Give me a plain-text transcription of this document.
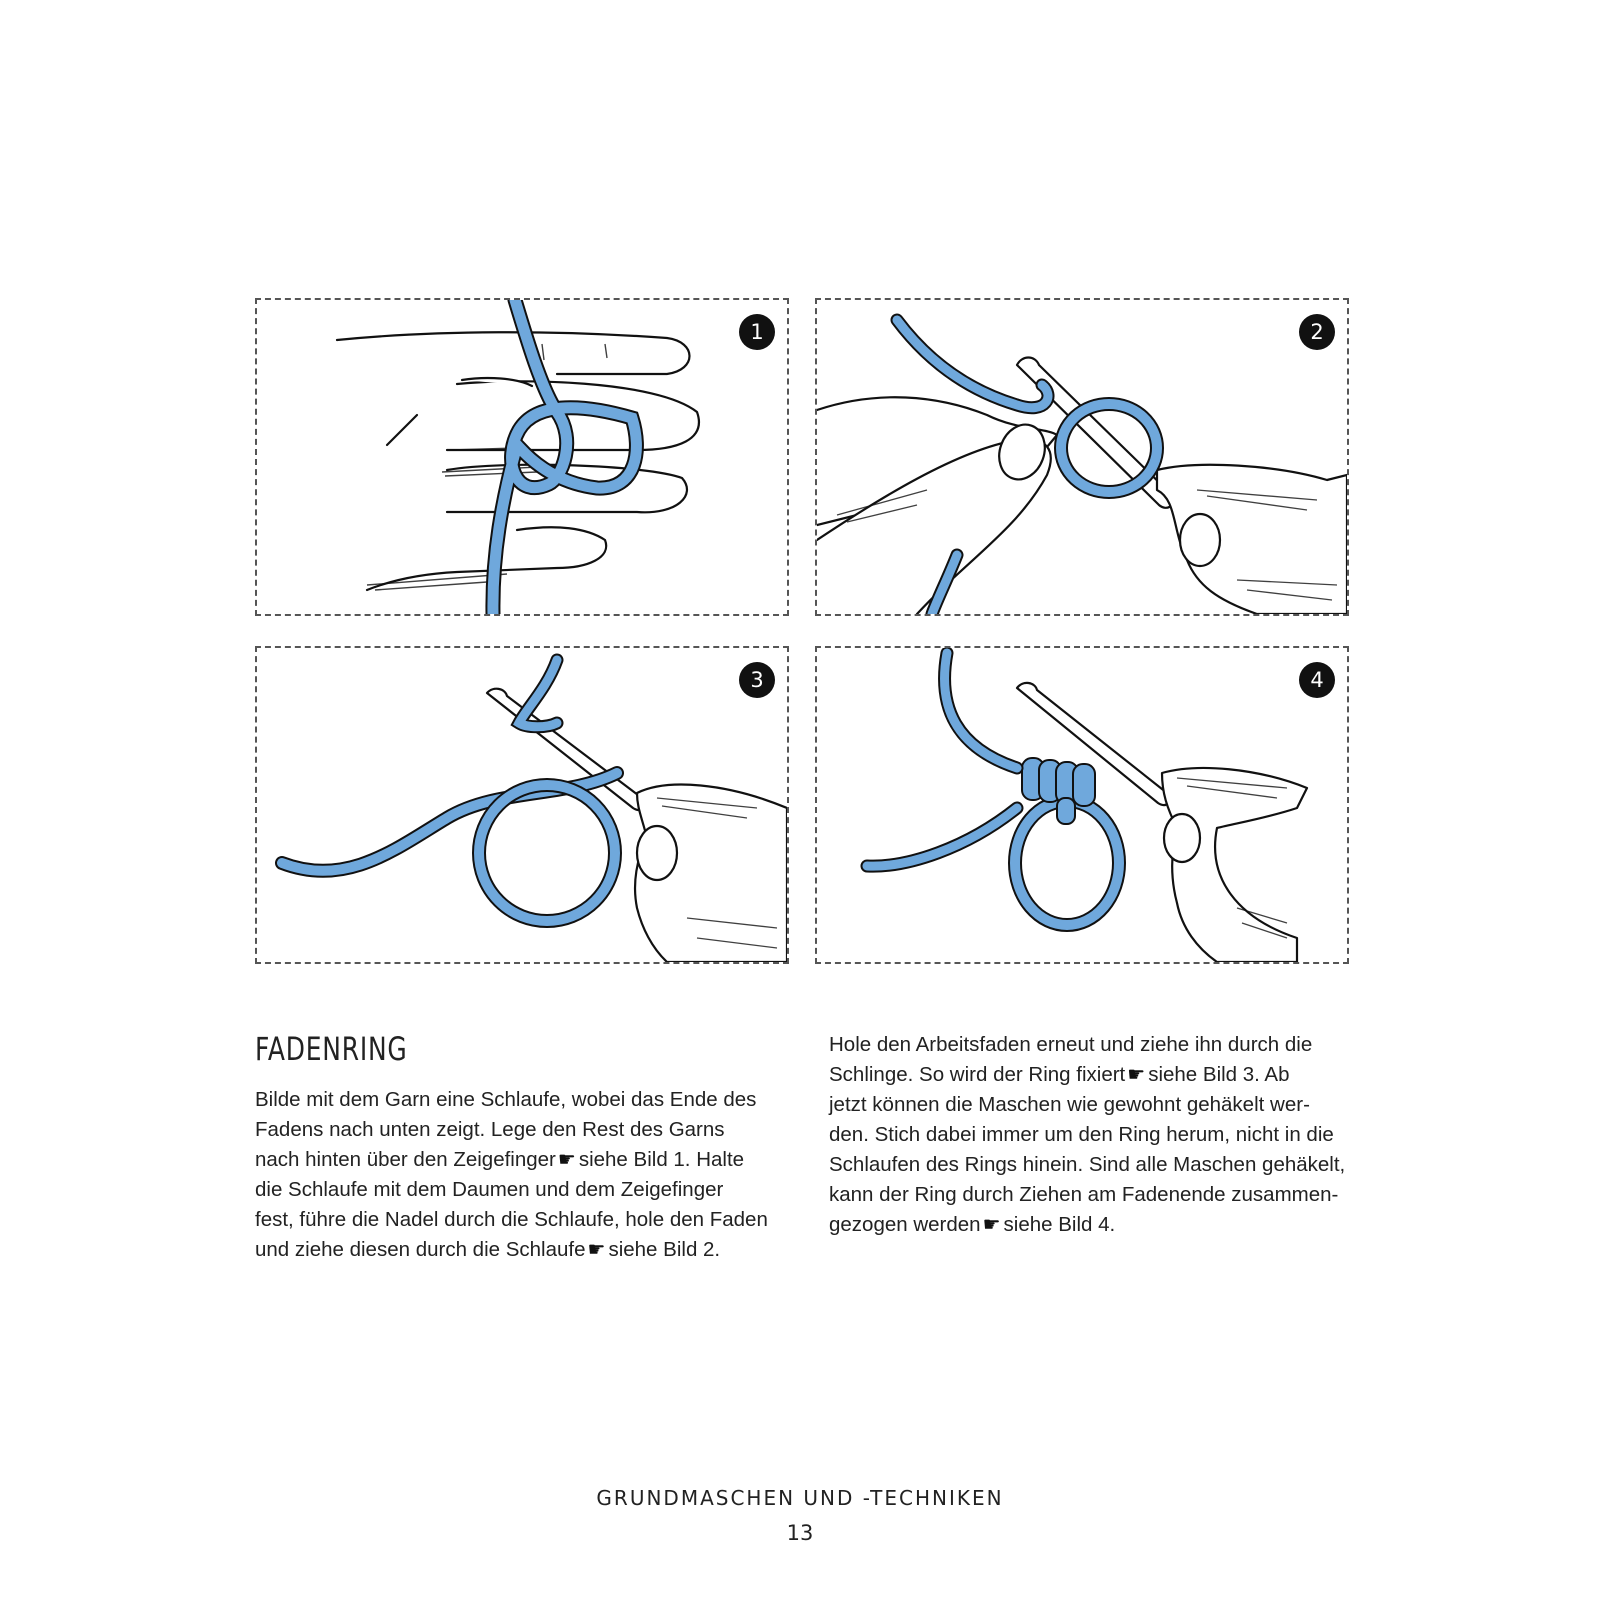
1	2
3	4
FADENRING

Bilde mit dem Garn eine Schlaufe, wobei das Ende des

Fadens nach unten zeigt. Lege den Rest des Garns

nach hinten über den Zeigefinger ☛ siehe Bild 1. Halte

die Schlaufe mit dem Daumen und dem Zeigefinger

fest, führe die Nadel durch die Schlaufe, hole den Faden

und ziehe diesen durch die Schlaufe ☛ siehe Bild 2.

Hole den Arbeitsfaden erneut und ziehe ihn durch die

Schlinge. So wird der Ring fixiert ☛ siehe Bild 3. Ab

jetzt können die Maschen wie gewohnt gehäkelt wer-

den. Stich dabei immer um den Ring herum, nicht in die

Schlaufen des Rings hinein. Sind alle Maschen gehäkelt,

kann der Ring durch Ziehen am Fadenende zusammen-

gezogen werden ☛ siehe Bild 4.

GRUNDMASCHEN UND -TECHNIKEN
13
